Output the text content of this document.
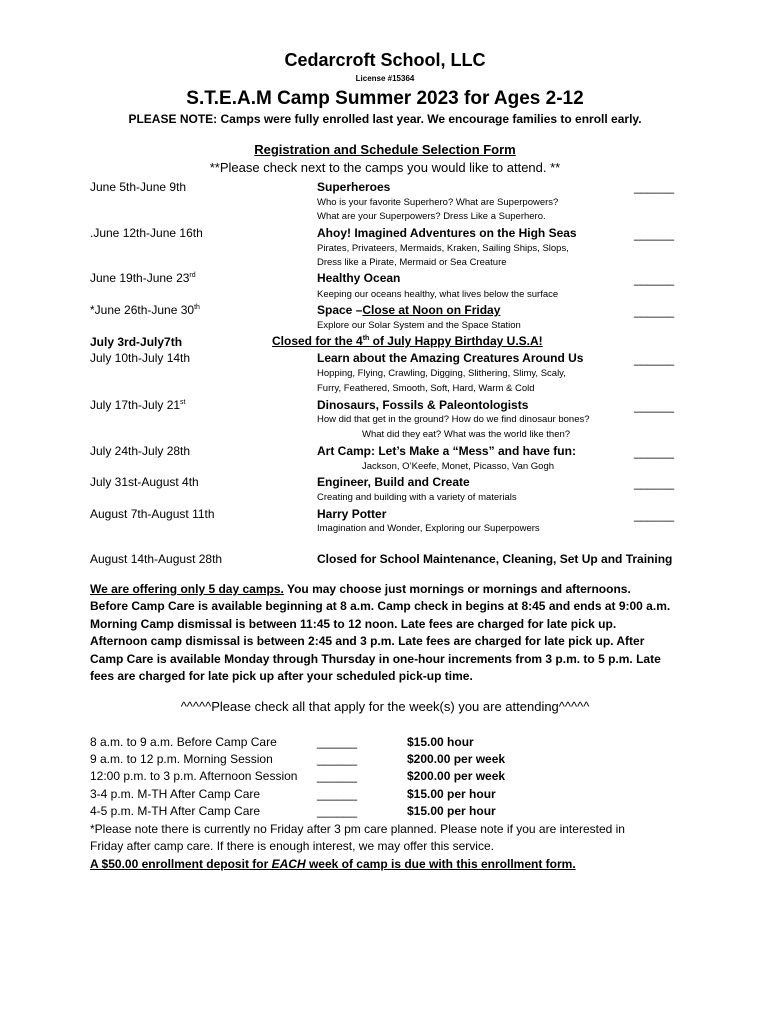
Cedarcroft School, LLC
License #15364
S.T.E.A.M Camp Summer 2023 for Ages 2-12
PLEASE NOTE: Camps were fully enrolled last year. We encourage families to enroll early.
Registration and Schedule Selection Form
**Please check next to the camps you would like to attend. **
June 5th-June 9th	Superheroes	______
Who is your favorite Superhero? What are Superpowers?
What are your Superpowers? Dress Like a Superhero.
.June 12th-June 16th	Ahoy! Imagined Adventures on the High Seas	______
Pirates, Privateers, Mermaids, Kraken, Sailing Ships, Slops,
Dress like a Pirate, Mermaid or Sea Creature
June 19th-June 23rd	Healthy Ocean	______
Keeping our oceans healthy, what lives below the surface
*June 26th-June 30th	Space –Close at Noon on Friday	______
Explore our Solar System and the Space Station
July 3rd-July7th	Closed for the 4th of July Happy Birthday U.S.A!
July 10th-July 14th	Learn about the Amazing Creatures Around Us	______
Hopping, Flying, Crawling, Digging, Slithering, Slimy, Scaly,
Furry, Feathered, Smooth, Soft, Hard, Warm & Cold
July 17th-July 21st	Dinosaurs, Fossils & Paleontologists	______
How did that get in the ground? How do we find dinosaur bones?
What did they eat? What was the world like then?
July 24th-July 28th	Art Camp: Let’s Make a “Mess” and have fun:	______
Jackson, O’Keefe, Monet, Picasso, Van Gogh
July 31st-August 4th	Engineer, Build and Create	______
Creating and building with a variety of materials
August 7th-August 11th	Harry Potter	______
Imagination and Wonder, Exploring our Superpowers
August 14th-August 28th	Closed for School Maintenance, Cleaning, Set Up and Training

We are offering only 5 day camps. You may choose just mornings or mornings and afternoons.

Before Camp Care is available beginning at 8 a.m. Camp check in begins at 8:45 and ends at 9:00 a.m.

Morning Camp dismissal is between 11:45 to 12 noon. Late fees are charged for late pick up.

Afternoon camp dismissal is between 2:45 and 3 p.m. Late fees are charged for late pick up. After

Camp Care is available Monday through Thursday in one-hour increments from 3 p.m. to 5 p.m. Late

fees are charged for late pick up after your scheduled pick-up time.

^^^^^Please check all that apply for the week(s) you are attending^^^^^
8 a.m. to 9 a.m. Before Camp Care	______	$15.00 hour
9 a.m. to 12 p.m. Morning Session	______	$200.00 per week
12:00 p.m. to 3 p.m. Afternoon Session ______	$200.00 per week
3-4 p.m. M-TH After Camp Care	______	$15.00 per hour
4-5 p.m. M-TH After Camp Care	______	$15.00 per hour
*Please note there is currently no Friday after 3 pm care planned. Please note if you are interested in
Friday after camp care. If there is enough interest, we may offer this service.
A $50.00 enrollment deposit for EACH week of camp is due with this enrollment form.
